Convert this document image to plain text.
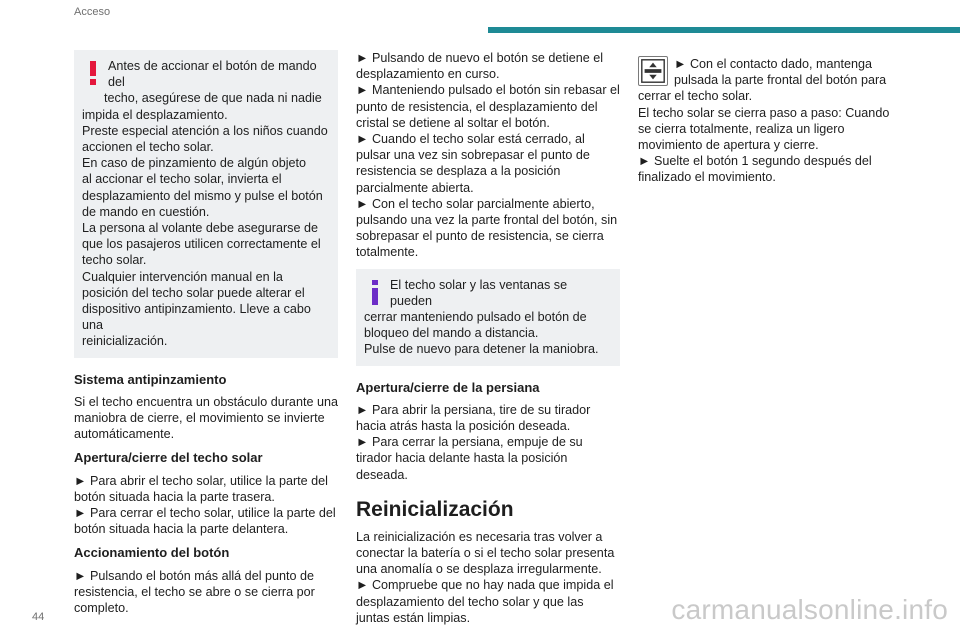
Acceso

Antes de accionar el botón de mando del

techo, asegúrese de que nada ni nadie

impida el desplazamiento.

Preste especial atención a los niños cuando

accionen el techo solar.

En caso de pinzamiento de algún objeto

al accionar el techo solar, invierta el

desplazamiento del mismo y pulse el botón

de mando en cuestión.

La persona al volante debe asegurarse de

que los pasajeros utilicen correctamente el

techo solar.

Cualquier intervención manual en la

posición del techo solar puede alterar el

dispositivo antipinzamiento. Lleve a cabo una

reinicialización.

Sistema antipinzamiento

Si el techo encuentra un obstáculo durante una maniobra de cierre, el movimiento se invierte automáticamente.

Apertura/cierre del techo solar

► Para abrir el techo solar, utilice la parte del botón situada hacia la parte trasera.

► Para cerrar el techo solar, utilice la parte del botón situada hacia la parte delantera.

Accionamiento del botón

► Pulsando el botón más allá del punto de resistencia, el techo se abre o se cierra por completo.

► Pulsando de nuevo el botón se detiene el desplazamiento en curso.

► Manteniendo pulsado el botón sin rebasar el punto de resistencia, el desplazamiento del cristal se detiene al soltar el botón.

► Cuando el techo solar está cerrado, al pulsar una vez sin sobrepasar el punto de resistencia se desplaza a la posición parcialmente abierta.

► Con el techo solar parcialmente abierto, pulsando una vez la parte frontal del botón, sin sobrepasar el punto de resistencia, se cierra totalmente.

El techo solar y las ventanas se pueden

cerrar manteniendo pulsado el botón de

bloqueo del mando a distancia.

Pulse de nuevo para detener la maniobra.

Apertura/cierre de la persiana

► Para abrir la persiana, tire de su tirador hacia atrás hasta la posición deseada.

► Para cerrar la persiana, empuje de su tirador hacia delante hasta la posición deseada.

Reinicialización

La reinicialización es necesaria tras volver a conectar la batería o si el techo solar presenta una anomalía o se desplaza irregularmente.

► Compruebe que no hay nada que impida el desplazamiento del techo solar y que las juntas están limpias.

► Con el contacto dado, mantenga

pulsada la parte frontal del botón para

cerrar el techo solar.

El techo solar se cierra paso a paso: Cuando se cierra totalmente, realiza un ligero movimiento de apertura y cierre.

► Suelte el botón 1 segundo después del finalizado el movimiento.

44	carmanualsonline.info
